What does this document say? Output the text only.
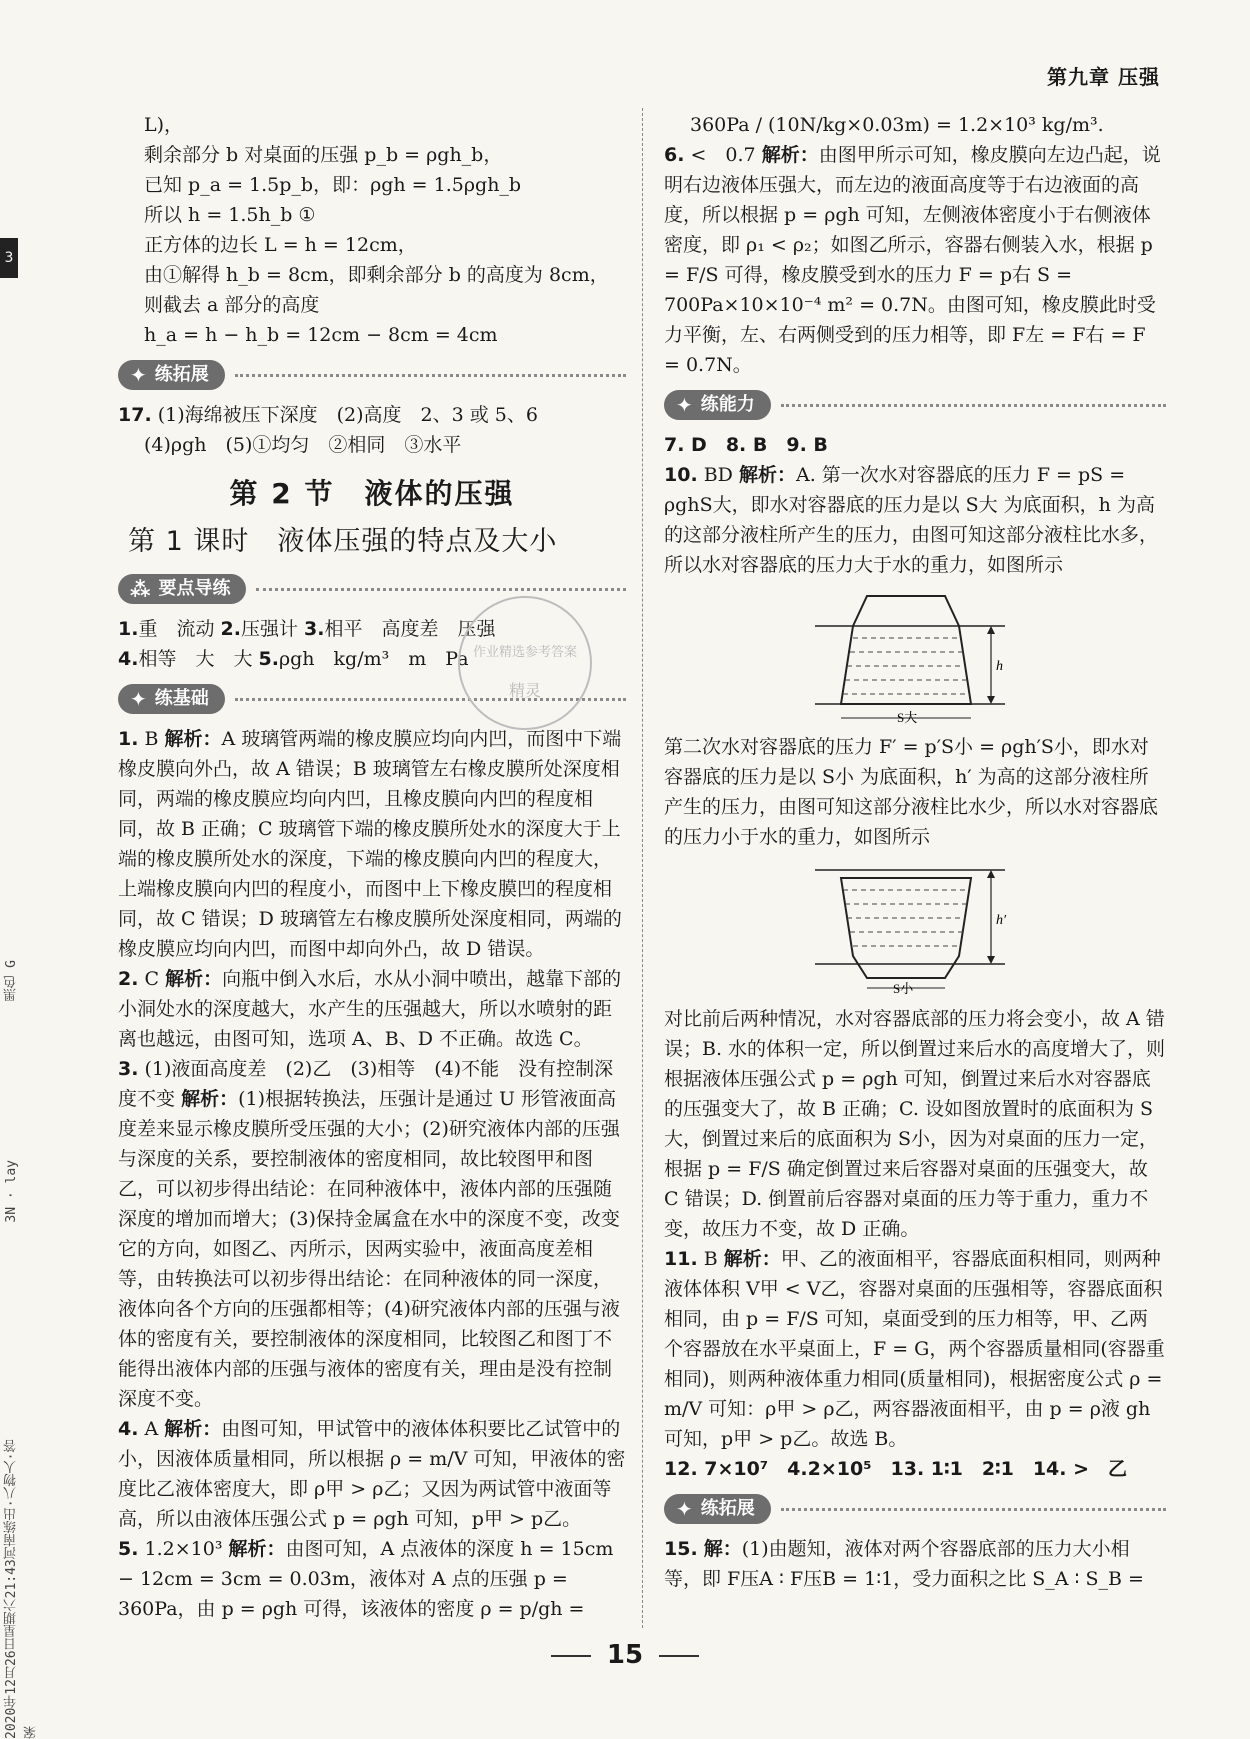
第九章 压强
3
黑色 G
3N · lay
2020年12月26日星期六21:43河南练出·八物人·答案

L)，

剩余部分 b 对桌面的压强 p_b = ρgh_b，

已知 p_a = 1.5p_b，即：ρgh = 1.5ρgh_b

所以 h = 1.5h_b ①

正方体的边长 L = h = 12cm，

由①解得 h_b = 8cm，即剩余部分 b 的高度为 8cm，

则截去 a 部分的高度

h_a = h − h_b = 12cm − 8cm = 4cm

✦ 练拓展

17. (1)海绵被压下深度　(2)高度　2、3 或 5、6

(4)ρgh　(5)①均匀　②相同　③水平

第 2 节　液体的压强
第 1 课时　液体压强的特点及大小
⁂ 要点导练

1.重　流动 2.压强计 3.相平　高度差　压强

4.相等　大　大 5.ρgh　kg/m³　m　Pa

✦ 练基础

1. B 解析：A 玻璃管两端的橡皮膜应均向内凹，而图中下端橡皮膜向外凸，故 A 错误；B 玻璃管左右橡皮膜所处深度相同，两端的橡皮膜应均向内凹，且橡皮膜向内凹的程度相同，故 B 正确；C 玻璃管下端的橡皮膜所处水的深度大于上端的橡皮膜所处水的深度，下端的橡皮膜向内凹的程度大，上端橡皮膜向内凹的程度小，而图中上下橡皮膜凹的程度相同，故 C 错误；D 玻璃管左右橡皮膜所处深度相同，两端的橡皮膜应均向内凹，而图中却向外凸，故 D 错误。

2. C 解析：向瓶中倒入水后，水从小洞中喷出，越靠下部的小洞处水的深度越大，水产生的压强越大，所以水喷射的距离也越远，由图可知，选项 A、B、D 不正确。故选 C。

3. (1)液面高度差　(2)乙　(3)相等　(4)不能　没有控制深度不变 解析：(1)根据转换法，压强计是通过 U 形管液面高度差来显示橡皮膜所受压强的大小；(2)研究液体内部的压强与深度的关系，要控制液体的密度相同，故比较图甲和图乙，可以初步得出结论：在同种液体中，液体内部的压强随深度的增加而增大；(3)保持金属盒在水中的深度不变，改变它的方向，如图乙、丙所示，因两实验中，液面高度差相等，由转换法可以初步得出结论：在同种液体的同一深度，液体向各个方向的压强都相等；(4)研究液体内部的压强与液体的密度有关，要控制液体的深度相同，比较图乙和图丁不能得出液体内部的压强与液体的密度有关，理由是没有控制深度不变。

4. A 解析：由图可知，甲试管中的液体体积要比乙试管中的小，因液体质量相同，所以根据 ρ = m/V 可知，甲液体的密度比乙液体密度大，即 ρ甲 > ρ乙；又因为两试管中液面等高，所以由液体压强公式 p = ρgh 可知，p甲 > p乙。

5. 1.2×10³ 解析：由图可知，A 点液体的深度 h = 15cm − 12cm = 3cm = 0.03m，液体对 A 点的压强 p = 360Pa，由 p = ρgh 可得，该液体的密度 ρ = p/gh =

作业精选参考答案
精灵

360Pa / (10N/kg×0.03m) = 1.2×10³ kg/m³.

6. <　0.7 解析：由图甲所示可知，橡皮膜向左边凸起，说明右边液体压强大，而左边的液面高度等于右边液面的高度，所以根据 p = ρgh 可知，左侧液体密度小于右侧液体密度，即 ρ₁ < ρ₂；如图乙所示，容器右侧装入水，根据 p = F/S 可得，橡皮膜受到水的压力 F = p右 S = 700Pa×10×10⁻⁴ m² = 0.7N。由图可知，橡皮膜此时受力平衡，左、右两侧受到的压力相等，即 F左 = F右 = F = 0.7N。

✦ 练能力

7. D　8. B　9. B

10. BD 解析：A. 第一次水对容器底的压力 F = pS = ρghS大，即水对容器底的压力是以 S大 为底面积，h 为高的这部分液柱所产生的压力，由图可知这部分液柱比水多，所以水对容器底的压力大于水的重力，如图所示

h
S大

第二次水对容器底的压力 F′ = p′S小 = ρgh′S小，即水对容器底的压力是以 S小 为底面积，h′ 为高的这部分液柱所产生的压力，由图可知这部分液柱比水少，所以水对容器底的压力小于水的重力，如图所示

h′
S小

对比前后两种情况，水对容器底部的压力将会变小，故 A 错误；B. 水的体积一定，所以倒置过来后水的高度增大了，则根据液体压强公式 p = ρgh 可知，倒置过来后水对容器底的压强变大了，故 B 正确；C. 设如图放置时的底面积为 S大，倒置过来后的底面积为 S小，因为对桌面的压力一定，根据 p = F/S 确定倒置过来后容器对桌面的压强变大，故 C 错误；D. 倒置前后容器对桌面的压力等于重力，重力不变，故压力不变，故 D 正确。

11. B 解析：甲、乙的液面相平，容器底面积相同，则两种液体体积 V甲 < V乙，容器对桌面的压强相等，容器底面积相同，由 p = F/S 可知，桌面受到的压力相等，甲、乙两个容器放在水平桌面上，F = G，两个容器质量相同(容器重相同)，则两种液体重力相同(质量相同)，根据密度公式 ρ = m/V 可知：ρ甲 > ρ乙，两容器液面相平，由 p = ρ液 gh 可知，p甲 > p乙。故选 B。

12. 7×10⁷　4.2×10⁵　13. 1∶1　2∶1　14. >　乙

✦ 练拓展

15. 解：(1)由题知，液体对两个容器底部的压力大小相等，即 F压A ∶ F压B = 1∶1，受力面积之比 S_A ∶ S_B =

15
